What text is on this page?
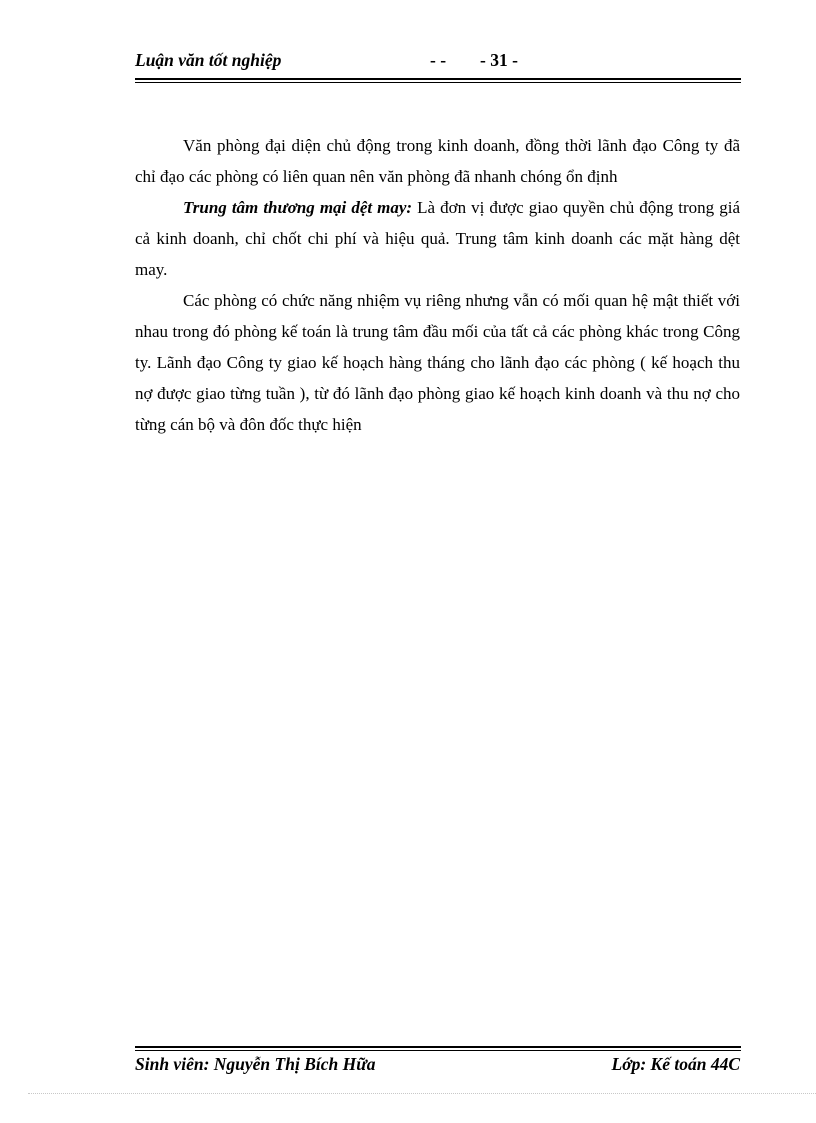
Luận văn tốt nghiệp	- - - 31 -

Văn phòng đại diện chủ động trong kinh doanh, đồng thời lãnh đạo Công ty đã chỉ đạo các phòng có liên quan nên văn phòng đã nhanh chóng ổn định

Trung tâm thương mại dệt may: Là đơn vị được giao quyền chủ động trong giá cả kinh doanh, chỉ chốt chi phí và hiệu quả. Trung tâm kinh doanh các mặt hàng dệt may.

Các phòng có chức năng nhiệm vụ riêng nhưng vẫn có mối quan hệ mật thiết với nhau trong đó phòng kế toán là trung tâm đầu mối của tất cả các phòng khác trong Công ty. Lãnh đạo Công ty giao kế hoạch hàng tháng cho lãnh đạo các phòng ( kế hoạch thu nợ được giao từng tuần ), từ đó lãnh đạo phòng giao kế hoạch kinh doanh và thu nợ cho từng cán bộ và đôn đốc thực hiện

Sinh viên: Nguyễn Thị Bích Hữa	Lớp: Kế toán 44C
